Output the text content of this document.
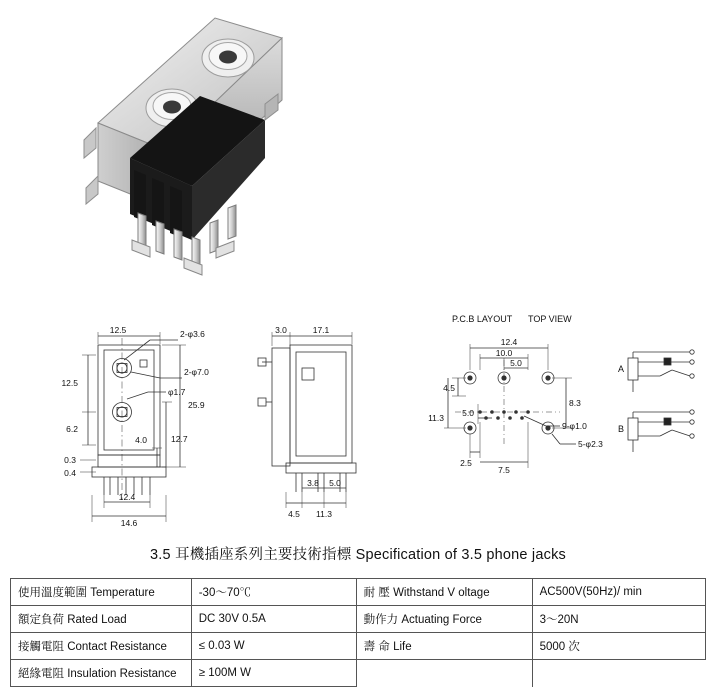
12.5	2-φ3.6
2-φ7.0
φ1.7
12.5
6.2
0.3
0.4
25.9
12.7
4.0
12.4
14.6
3.0	17.1
4.5
3.8 5.0
11.3
P.C.B LAYOUT TOP VIEW
12.4
10.0
5.0
4.5
11.3
8.3
5.0
9-φ1.0
5-φ2.3
2.5
7.5
A
B
3.5 耳機插座系列主要技術指標 Specification of 3.5 phone jacks
使用溫度範圍 Temperature	-30～70℃	耐 壓 Withstand V oltage	AC500V(50Hz)/ min
額定負荷 Rated Load	DC 30V 0.5A	動作力 Actuating Force	3～20N
接觸電阻 Contact Resistance	≤ 0.03 W	壽 命 Life	5000 次
絕緣電阻 Insulation Resistance	≥ 100M W		
